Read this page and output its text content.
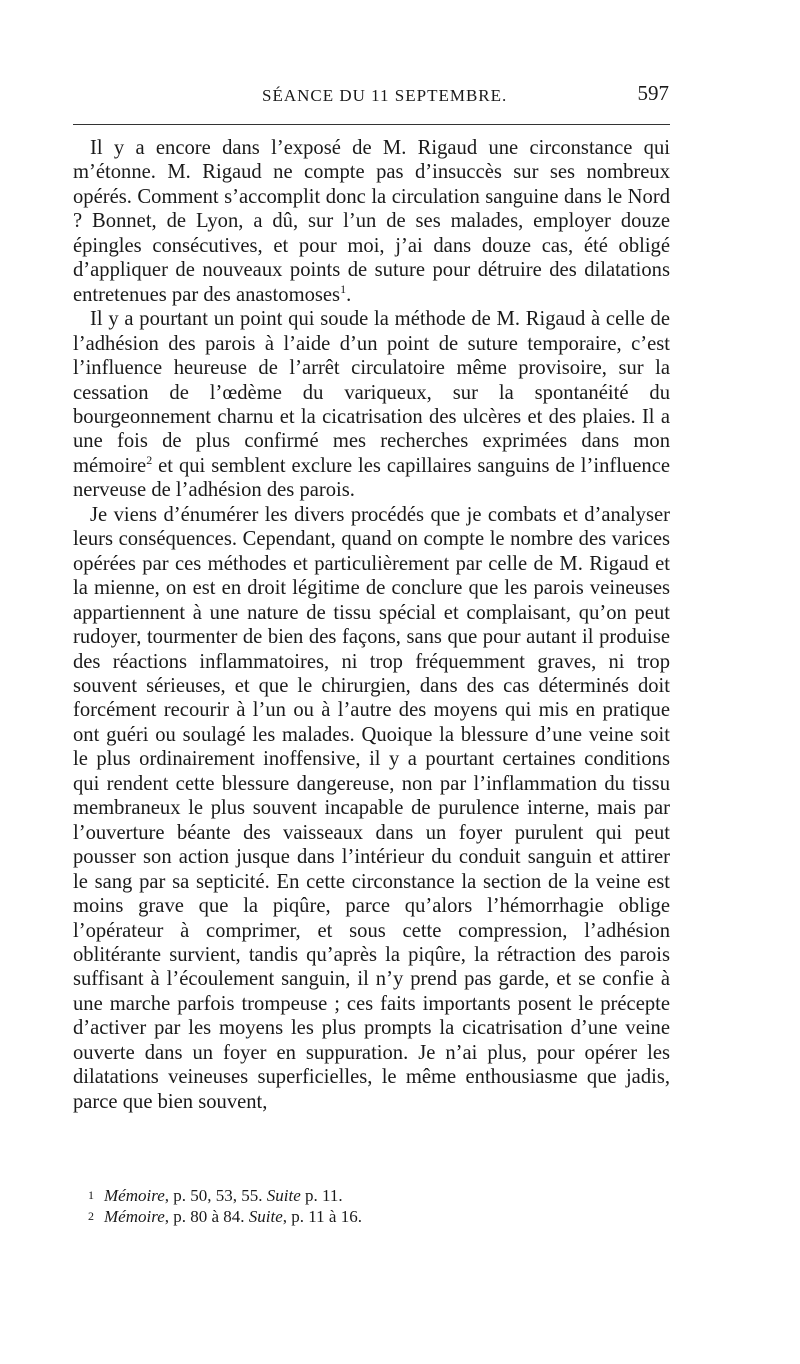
SÉANCE DU 11 SEPTEMBRE.	597

Il y a encore dans l’exposé de M. Rigaud une circonstance qui m’étonne. M. Rigaud ne compte pas d’insuccès sur ses nombreux opérés. Comment s’accomplit donc la circulation sanguine dans le Nord ? Bonnet, de Lyon, a dû, sur l’un de ses malades, employer douze épingles consécutives, et pour moi, j’ai dans douze cas, été obligé d’appliquer de nouveaux points de suture pour détruire des dilatations entretenues par des anastomoses$^1$.

Il y a pourtant un point qui soude la méthode de M. Rigaud à celle de l’adhésion des parois à l’aide d’un point de suture temporaire, c’est l’influence heureuse de l’arrêt circulatoire même provisoire, sur la cessation de l’œdème du variqueux, sur la spontanéité du bourgeonnement charnu et la cicatrisation des ulcères et des plaies. Il a une fois de plus confirmé mes recherches exprimées dans mon mémoire$^2$ et qui semblent exclure les capillaires sanguins de l’influence nerveuse de l’adhésion des parois.

Je viens d’énumérer les divers procédés que je combats et d’analyser leurs conséquences. Cependant, quand on compte le nombre des varices opérées par ces méthodes et particulièrement par celle de M. Rigaud et la mienne, on est en droit légitime de conclure que les parois veineuses appartiennent à une nature de tissu spécial et complaisant, qu’on peut rudoyer, tourmenter de bien des façons, sans que pour autant il produise des réactions inflammatoires, ni trop fréquemment graves, ni trop souvent sérieuses, et que le chirurgien, dans des cas déterminés doit forcément recourir à l’un ou à l’autre des moyens qui mis en pratique ont guéri ou soulagé les malades. Quoique la blessure d’une veine soit le plus ordinairement inoffensive, il y a pourtant certaines conditions qui rendent cette blessure dangereuse, non par l’inflammation du tissu membraneux le plus souvent incapable de purulence interne, mais par l’ouverture béante des vaisseaux dans un foyer purulent qui peut pousser son action jusque dans l’intérieur du conduit sanguin et attirer le sang par sa septicité. En cette circonstance la section de la veine est moins grave que la piqûre, parce qu’alors l’hémorrhagie oblige l’opérateur à comprimer, et sous cette compression, l’adhésion oblitérante survient, tandis qu’après la piqûre, la rétraction des parois suffisant à l’écoulement sanguin, il n’y prend pas garde, et se confie à une marche parfois trompeuse ; ces faits importants posent le précepte d’activer par les moyens les plus prompts la cicatrisation d’une veine ouverte dans un foyer en suppuration. Je n’ai plus, pour opérer les dilatations veineuses superficielles, le même enthousiasme que jadis, parce que bien souvent,

1 Mémoire, p. 50, 53, 55. Suite p. 11.
2 Mémoire, p. 80 à 84. Suite, p. 11 à 16.
